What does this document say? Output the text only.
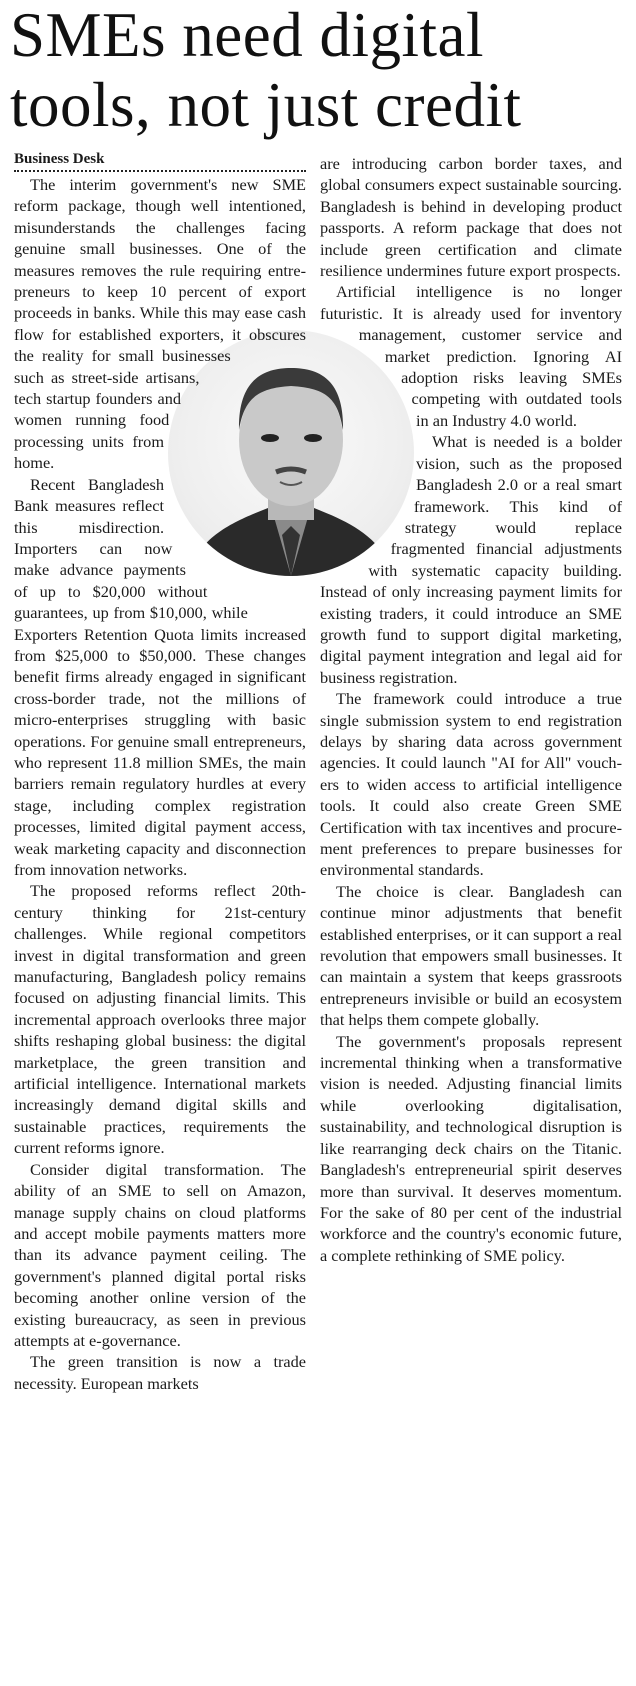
SMEs need digital
tools, not just credit
Business Desk

The interim government's new SME reform package, though well intentioned, misunderstands the challenges facing genuine small businesses. One of the measures removes the rule requiring entrepreneurs to keep 10 percent of export proceeds in banks. While this may ease cash flow for established exporters, it obscures the reality for small businesses such as street-side artisans, tech startup founders and women running food processing units from home.

Recent Bangladesh Bank measures reflect this misdirection. Importers can now make advance payments of up to $20,000 without guarantees, up from $10,000, while Exporters Retention Quota limits increased from $25,000 to $50,000. These changes benefit firms already engaged in significant cross-border trade, not the millions of micro-enterprises struggling with basic operations. For genuine small entrepreneurs, who represent 11.8 million SMEs, the main barriers remain regulatory hurdles at every stage, including complex registration processes, limited digital payment access, weak marketing capacity and disconnection from innovation networks.

The proposed reforms reflect 20th-century thinking for 21st-century challenges. While regional competitors invest in digital transformation and green manufacturing, Bangladesh policy remains focused on adjusting financial limits. This incremental approach overlooks three major shifts reshaping global business: the digital marketplace, the green transition and artificial intelligence. International markets increasingly demand digital skills and sustainable practices, requirements the current reforms ignore.

Consider digital transformation. The ability of an SME to sell on Amazon, manage supply chains on cloud platforms and accept mobile payments matters more than its advance payment ceiling. The government's planned digital portal risks becoming another online version of the existing bureaucracy, as seen in previous attempts at e-governance.

The green transition is now a trade necessity. European markets

are introducing carbon border taxes, and global consumers expect sustainable sourcing. Bangladesh is behind in developing product passports. A reform package that does not include green certification and climate resilience undermines future export prospects.

Artificial intelligence is no longer futuristic. It is already used for inventory management, customer service and market prediction. Ignoring AI adoption risks leaving SMEs competing with outdated tools in an Industry 4.0 world.

What is needed is a bolder vision, such as the proposed Bangladesh 2.0 or a real smart framework. This kind of strategy would replace fragmented financial adjustments with systematic capacity building. Instead of only increasing payment limits for existing traders, it could introduce an SME growth fund to support digital marketing, digital payment integration and legal aid for business registration.

The framework could introduce a true single submission system to end registration delays by sharing data across government agencies. It could launch "AI for All" vouchers to widen access to artificial intelligence tools. It could also create Green SME Certification with tax incentives and procurement preferences to prepare businesses for environmental standards.

The choice is clear. Bangladesh can continue minor adjustments that benefit established enterprises, or it can support a real revolution that empowers small businesses. It can maintain a system that keeps grassroots entrepreneurs invisible or build an ecosystem that helps them compete globally.

The government's proposals represent incremental thinking when a transformative vision is needed. Adjusting financial limits while overlooking digitalisation, sustainability, and technological disruption is like rearranging deck chairs on the Titanic. Bangladesh's entrepreneurial spirit deserves more than survival. It deserves momentum. For the sake of 80 per cent of the industrial workforce and the country's economic future, a complete rethinking of SME policy.
